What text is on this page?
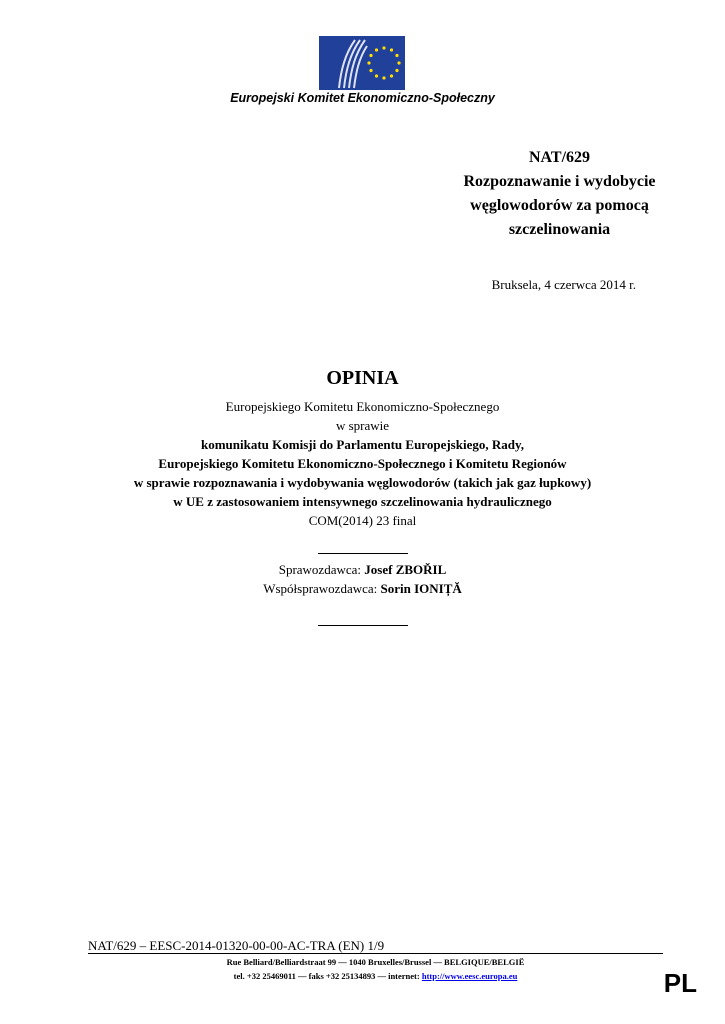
Europejski Komitet Ekonomiczno-Społeczny
NAT/629
Rozpoznawanie i wydobycie
węglowodorów za pomocą
szczelinowania
Bruksela, 4 czerwca 2014 r.
OPINIA
Europejskiego Komitetu Ekonomiczno-Społecznego
w sprawie
komunikatu Komisji do Parlamentu Europejskiego, Rady,
Europejskiego Komitetu Ekonomiczno-Społecznego i Komitetu Regionów
w sprawie rozpoznawania i wydobywania węglowodorów (takich jak gaz łupkowy)
w UE z zastosowaniem intensywnego szczelinowania hydraulicznego
COM(2014) 23 final
Sprawozdawca: Josef ZBOŘIL
Współsprawozdawca: Sorin IONIȚĂ
NAT/629 – EESC-2014-01320-00-00-AC-TRA (EN) 1/9
Rue Belliard/Belliardstraat 99 — 1040 Bruxelles/Brussel — BELGIQUE/BELGIË
tel. +32 25469011 — faks +32 25134893 — internet: http://www.eesc.europa.eu	PL
